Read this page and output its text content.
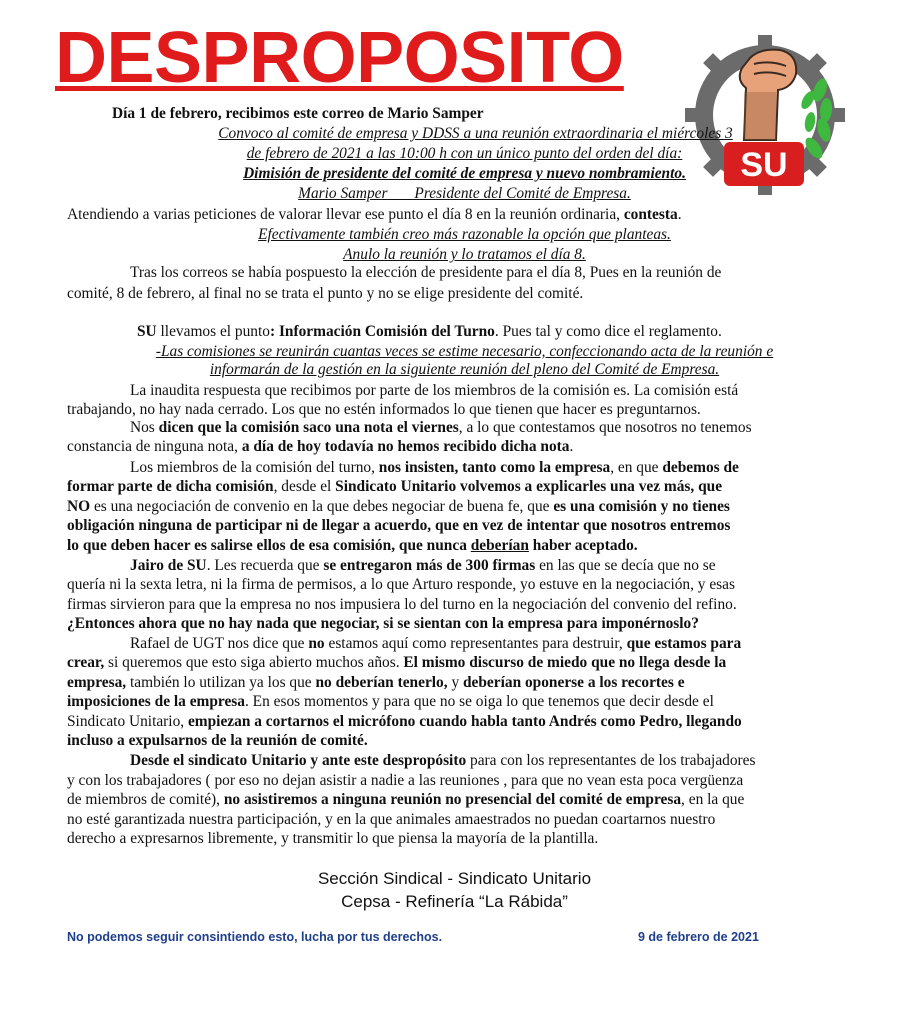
DESPROPOSITO
SU
Día 1 de febrero, recibimos este correo de Mario Samper
Convoco al comité de empresa y DDSS a una reunión extraordinaria el miércoles 3
de febrero de 2021 a las 10:00 h con un único punto del orden del día:
Dimisión de presidente del comité de empresa y nuevo nombramiento.
Mario Samper       Presidente del Comité de Empresa.
Atendiendo a varias peticiones de valorar llevar ese punto el día 8 en la reunión ordinaria, contesta.
Efectivamente también creo más razonable la opción que planteas.
Anulo la reunión y lo tratamos el día 8.
Tras los correos se había pospuesto la elección de presidente para el día 8, Pues en la reunión de
comité, 8 de febrero, al final no se trata el punto y no se elige presidente del comité.
SU llevamos el punto: Información Comisión del Turno. Pues tal y como dice el reglamento.
-Las comisiones se reunirán cuantas veces se estime necesario, confeccionando acta de la reunión e
informarán de la gestión en la siguiente reunión del pleno del Comité de Empresa.
La inaudita respuesta que recibimos por parte de los miembros de la comisión es. La comisión está
trabajando, no hay nada cerrado. Los que no estén informados lo que tienen que hacer es preguntarnos.
Nos dicen que la comisión saco una nota el viernes, a lo que contestamos que nosotros no tenemos
constancia de ninguna nota, a día de hoy todavía no hemos recibido dicha nota.
Los miembros de la comisión del turno, nos insisten, tanto como la empresa, en que debemos de
formar parte de dicha comisión, desde el Sindicato Unitario volvemos a explicarles una vez más, que
NO es una negociación de convenio en la que debes negociar de buena fe, que es una comisión y no tienes
obligación ninguna de participar ni de llegar a acuerdo, que en vez de intentar que nosotros entremos
lo que deben hacer es salirse ellos de esa comisión, que nunca deberían haber aceptado.
Jairo de SU. Les recuerda que se entregaron más de 300 firmas en las que se decía que no se
quería ni la sexta letra, ni la firma de permisos, a lo que Arturo responde, yo estuve en la negociación, y esas
firmas sirvieron para que la empresa no nos impusiera lo del turno en la negociación del convenio del refino.
¿Entonces ahora que no hay nada que negociar, si se sientan con la empresa para imponérnoslo?
Rafael de UGT nos dice que no estamos aquí como representantes para destruir, que estamos para
crear, si queremos que esto siga abierto muchos años. El mismo discurso de miedo que no llega desde la
empresa, también lo utilizan ya los que no deberían tenerlo, y deberían oponerse a los recortes e
imposiciones de la empresa. En esos momentos y para que no se oiga lo que tenemos que decir desde el
Sindicato Unitario, empiezan a cortarnos el micrófono cuando habla tanto Andrés como Pedro, llegando
incluso a expulsarnos de la reunión de comité.
Desde el sindicato Unitario y ante este despropósito para con los representantes de los trabajadores
y con los trabajadores ( por eso no dejan asistir a nadie a las reuniones , para que no vean esta poca vergüenza
de miembros de comité), no asistiremos a ninguna reunión no presencial del comité de empresa, en la que
no esté garantizada nuestra participación, y en la que animales amaestrados no puedan coartarnos nuestro
derecho a expresarnos libremente, y transmitir lo que piensa la mayoría de la plantilla.
Sección Sindical - Sindicato Unitario
Cepsa - Refinería “La Rábida”
No podemos seguir consintiendo esto, lucha por tus derechos.	9 de febrero de 2021
